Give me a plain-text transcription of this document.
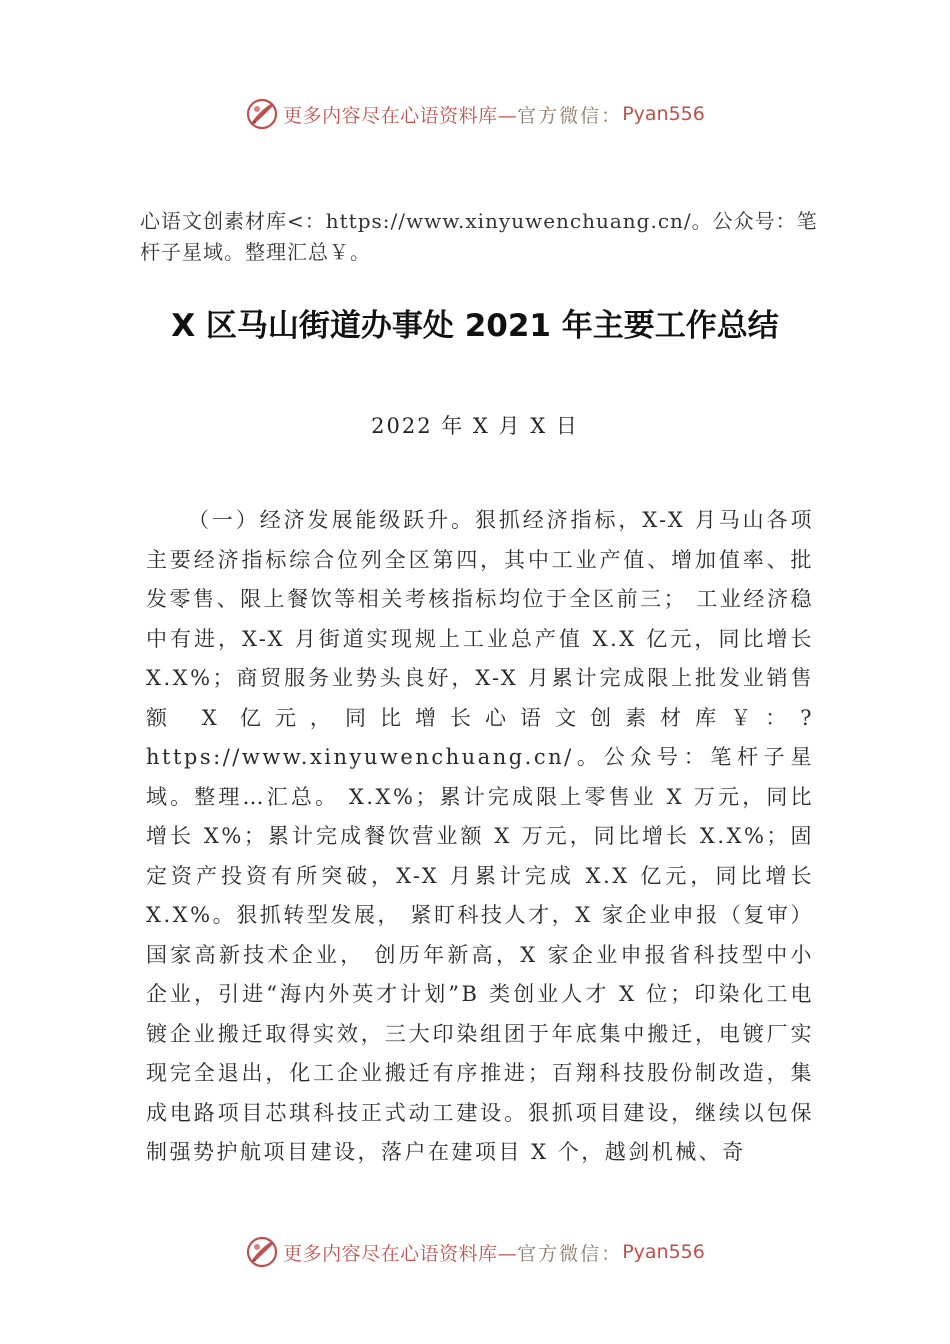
更多内容尽在心语资料库— 官方微信： Pyan556
心语文创素材库<：https://www.xinyuwenchuang.cn/。公众号：笔杆子星域。整理汇总￥。
X 区马山街道办事处 2021 年主要工作总结
2022 年 X 月 X 日

（一）经济发展能级跃升。狠抓经济指标，X-X 月马山各项主要经济指标综合位列全区第四，其中工业产值、增加值率、批发零售、限上餐饮等相关考核指标均位于全区前三； 工业经济稳中有进，X-X 月街道实现规上工业总产值 X.X 亿元，同比增长 X.X%；商贸服务业势头良好，X-X 月累计完成限上批发业销售额 X 亿元，同比增长心语文创素材库￥：?https://www.xinyuwenchuang.cn/。公众号：笔杆子星域。整理…汇总。 X.X%；累计完成限上零售业 X 万元，同比增长 X%；累计完成餐饮营业额 X 万元，同比增长 X.X%；固定资产投资有所突破，X-X 月累计完成 X.X 亿元，同比增长 X.X%。狠抓转型发展， 紧盯科技人才，X 家企业申报（复审）国家高新技术企业， 创历年新高，X 家企业申报省科技型中小企业，引进“海内外英才计划”B 类创业人才 X 位；印染化工电镀企业搬迁取得实效，三大印染组团于年底集中搬迁，电镀厂实现完全退出，化工企业搬迁有序推进；百翔科技股份制改造，集成电路项目芯琪科技正式动工建设。狠抓项目建设，继续以包保制强势护航项目建设，落户在建项目 X 个，越剑机械、奇

更多内容尽在心语资料库— 官方微信： Pyan556
